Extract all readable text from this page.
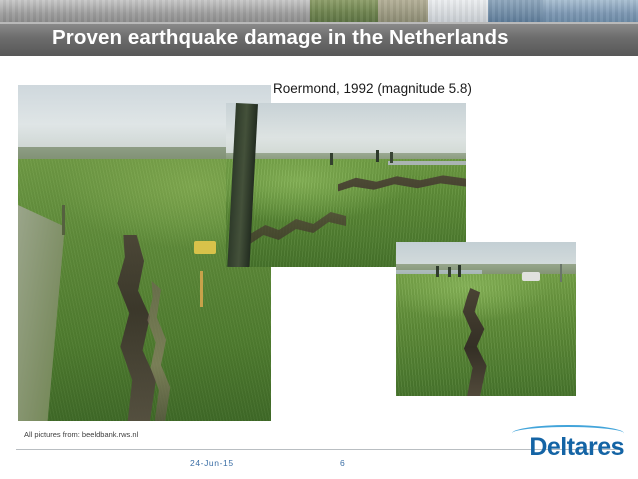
Proven earthquake damage in the Netherlands
Roermond, 1992 (magnitude 5.8)
All pictures from: beeldbank.rws.nl
24-Jun-15	6
Deltares
